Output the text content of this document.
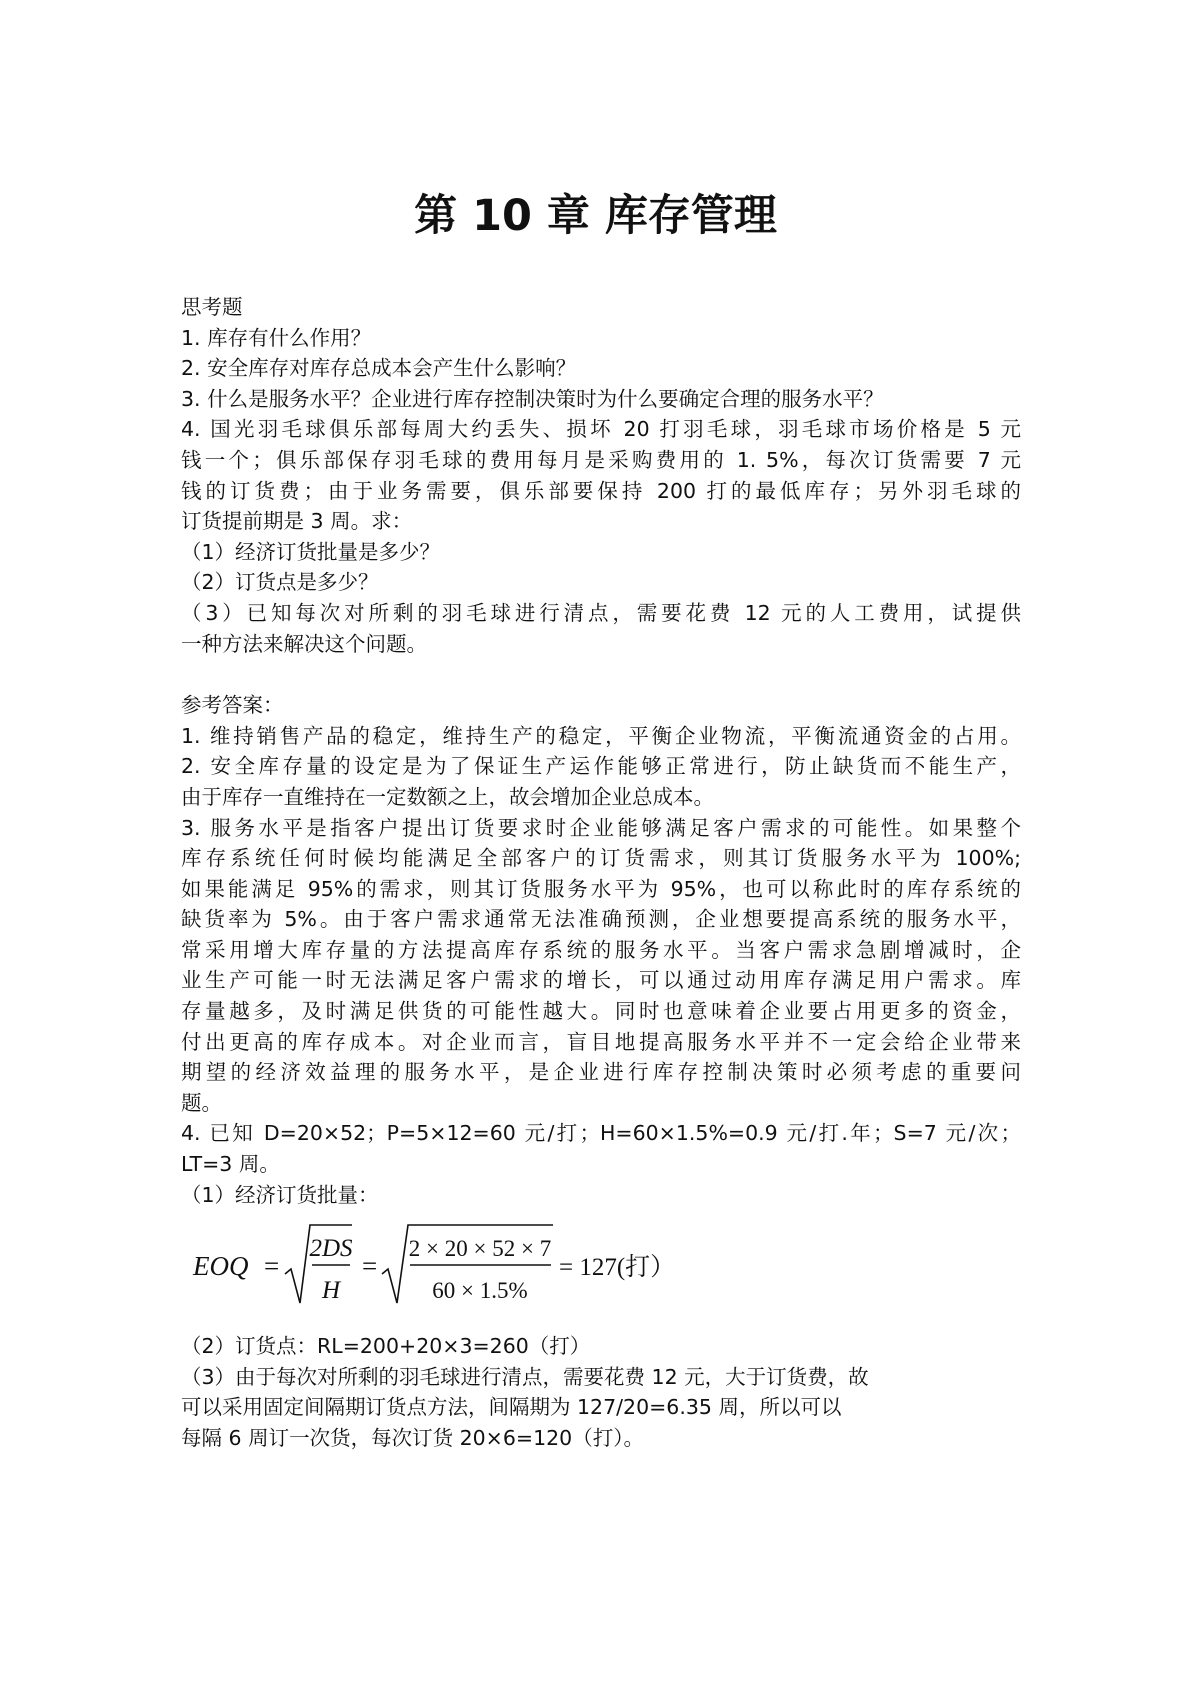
第 10 章 库存管理
思考题
1. 库存有什么作用？
2. 安全库存对库存总成本会产生什么影响？
3. 什么是服务水平？企业进行库存控制决策时为什么要确定合理的服务水平？
4. 国光羽毛球俱乐部每周大约丢失、损坏 20 打羽毛球，羽毛球市场价格是 5 元
钱一个；俱乐部保存羽毛球的费用每月是采购费用的 1. 5%，每次订货需要 7 元
钱的订货费；由于业务需要，俱乐部要保持 200 打的最低库存；另外羽毛球的
订货提前期是 3 周。求：
（1）经济订货批量是多少？
（2）订货点是多少？
（3）已知每次对所剩的羽毛球进行清点，需要花费 12 元的人工费用，试提供
一种方法来解决这个问题。
参考答案：
1. 维持销售产品的稳定，维持生产的稳定，平衡企业物流，平衡流通资金的占用。
2. 安全库存量的设定是为了保证生产运作能够正常进行，防止缺货而不能生产，
由于库存一直维持在一定数额之上，故会增加企业总成本。
3. 服务水平是指客户提出订货要求时企业能够满足客户需求的可能性。如果整个
库存系统任何时候均能满足全部客户的订货需求，则其订货服务水平为 100%;
如果能满足 95%的需求，则其订货服务水平为 95%，也可以称此时的库存系统的
缺货率为 5%。由于客户需求通常无法准确预测，企业想要提高系统的服务水平，
常采用增大库存量的方法提高库存系统的服务水平。当客户需求急剧增减时，企
业生产可能一时无法满足客户需求的增长，可以通过动用库存满足用户需求。库
存量越多，及时满足供货的可能性越大。同时也意味着企业要占用更多的资金，
付出更高的库存成本。对企业而言，盲目地提高服务水平并不一定会给企业带来
期望的经济效益理的服务水平，是企业进行库存控制决策时必须考虑的重要问
题。
4. 已知 D=20×52；P=5×12=60 元/打；H=60×1.5%=0.9 元/打.年；S=7 元/次；
LT=3 周。
（1）经济订货批量：
EOQ =
2DS
H
=
2 × 20 × 52 × 7
60 × 1.5%
= 127(打）
（2）订货点：RL=200+20×3=260（打）
（3）由于每次对所剩的羽毛球进行清点，需要花费 12 元，大于订货费，故
可以采用固定间隔期订货点方法，间隔期为 127/20=6.35 周，所以可以
每隔 6 周订一次货，每次订货 20×6=120（打）。
